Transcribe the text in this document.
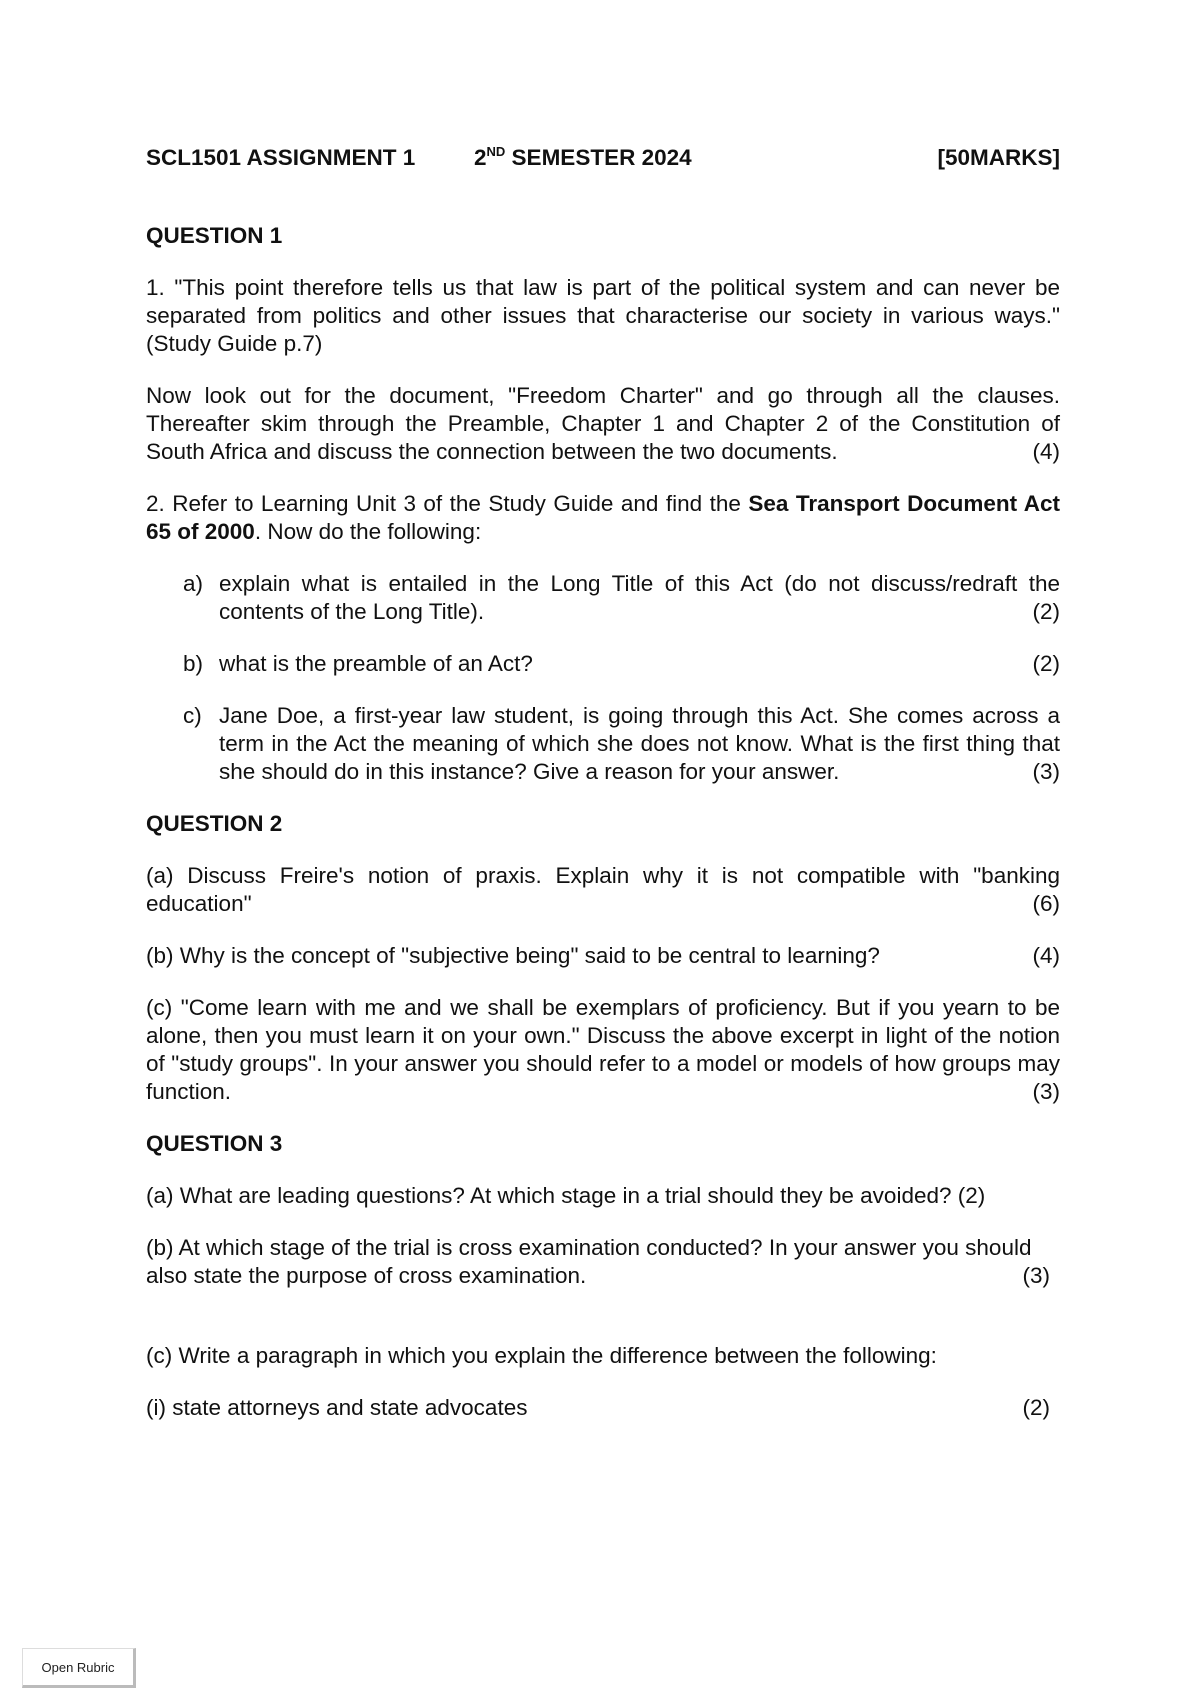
SCL1501 ASSIGNMENT 1	2ND SEMESTER 2024	[50MARKS]

QUESTION 1

1. "This point therefore tells us that law is part of the political system and can never be separated from politics and other issues that characterise our society in various ways." (Study Guide p.7)

Now look out for the document, "Freedom Charter" and go through all the clauses. Thereafter skim through the Preamble, Chapter 1 and Chapter 2 of the Constitution of South Africa and discuss the connection between the two documents.	(4)

2. Refer to Learning Unit 3 of the Study Guide and find the Sea Transport Document Act 65 of 2000. Now do the following:

a) explain what is entailed in the Long Title of this Act (do not discuss/redraft the contents of the Long Title).	(2)
b) what is the preamble of an Act?	(2)
c) Jane Doe, a first-year law student, is going through this Act. She comes across a term in the Act the meaning of which she does not know. What is the first thing that she should do in this instance? Give a reason for your answer.	(3)

QUESTION 2

(a) Discuss Freire's notion of praxis. Explain why it is not compatible with "banking education"	(6)
(b) Why is the concept of "subjective being" said to be central to learning?	(4)

(c) "Come learn with me and we shall be exemplars of proficiency. But if you yearn to be alone, then you must learn it on your own." Discuss the above excerpt in light of the notion of "study groups". In your answer you should refer to a model or models of how groups may function.	(3)

QUESTION 3

(a) What are leading questions? At which stage in a trial should they be avoided? (2)

(b) At which stage of the trial is cross examination conducted? In your answer you should also state the purpose of cross examination.	(3)

(c) Write a paragraph in which you explain the difference between the following:

(i) state attorneys and state advocates	(2)
Open Rubric
